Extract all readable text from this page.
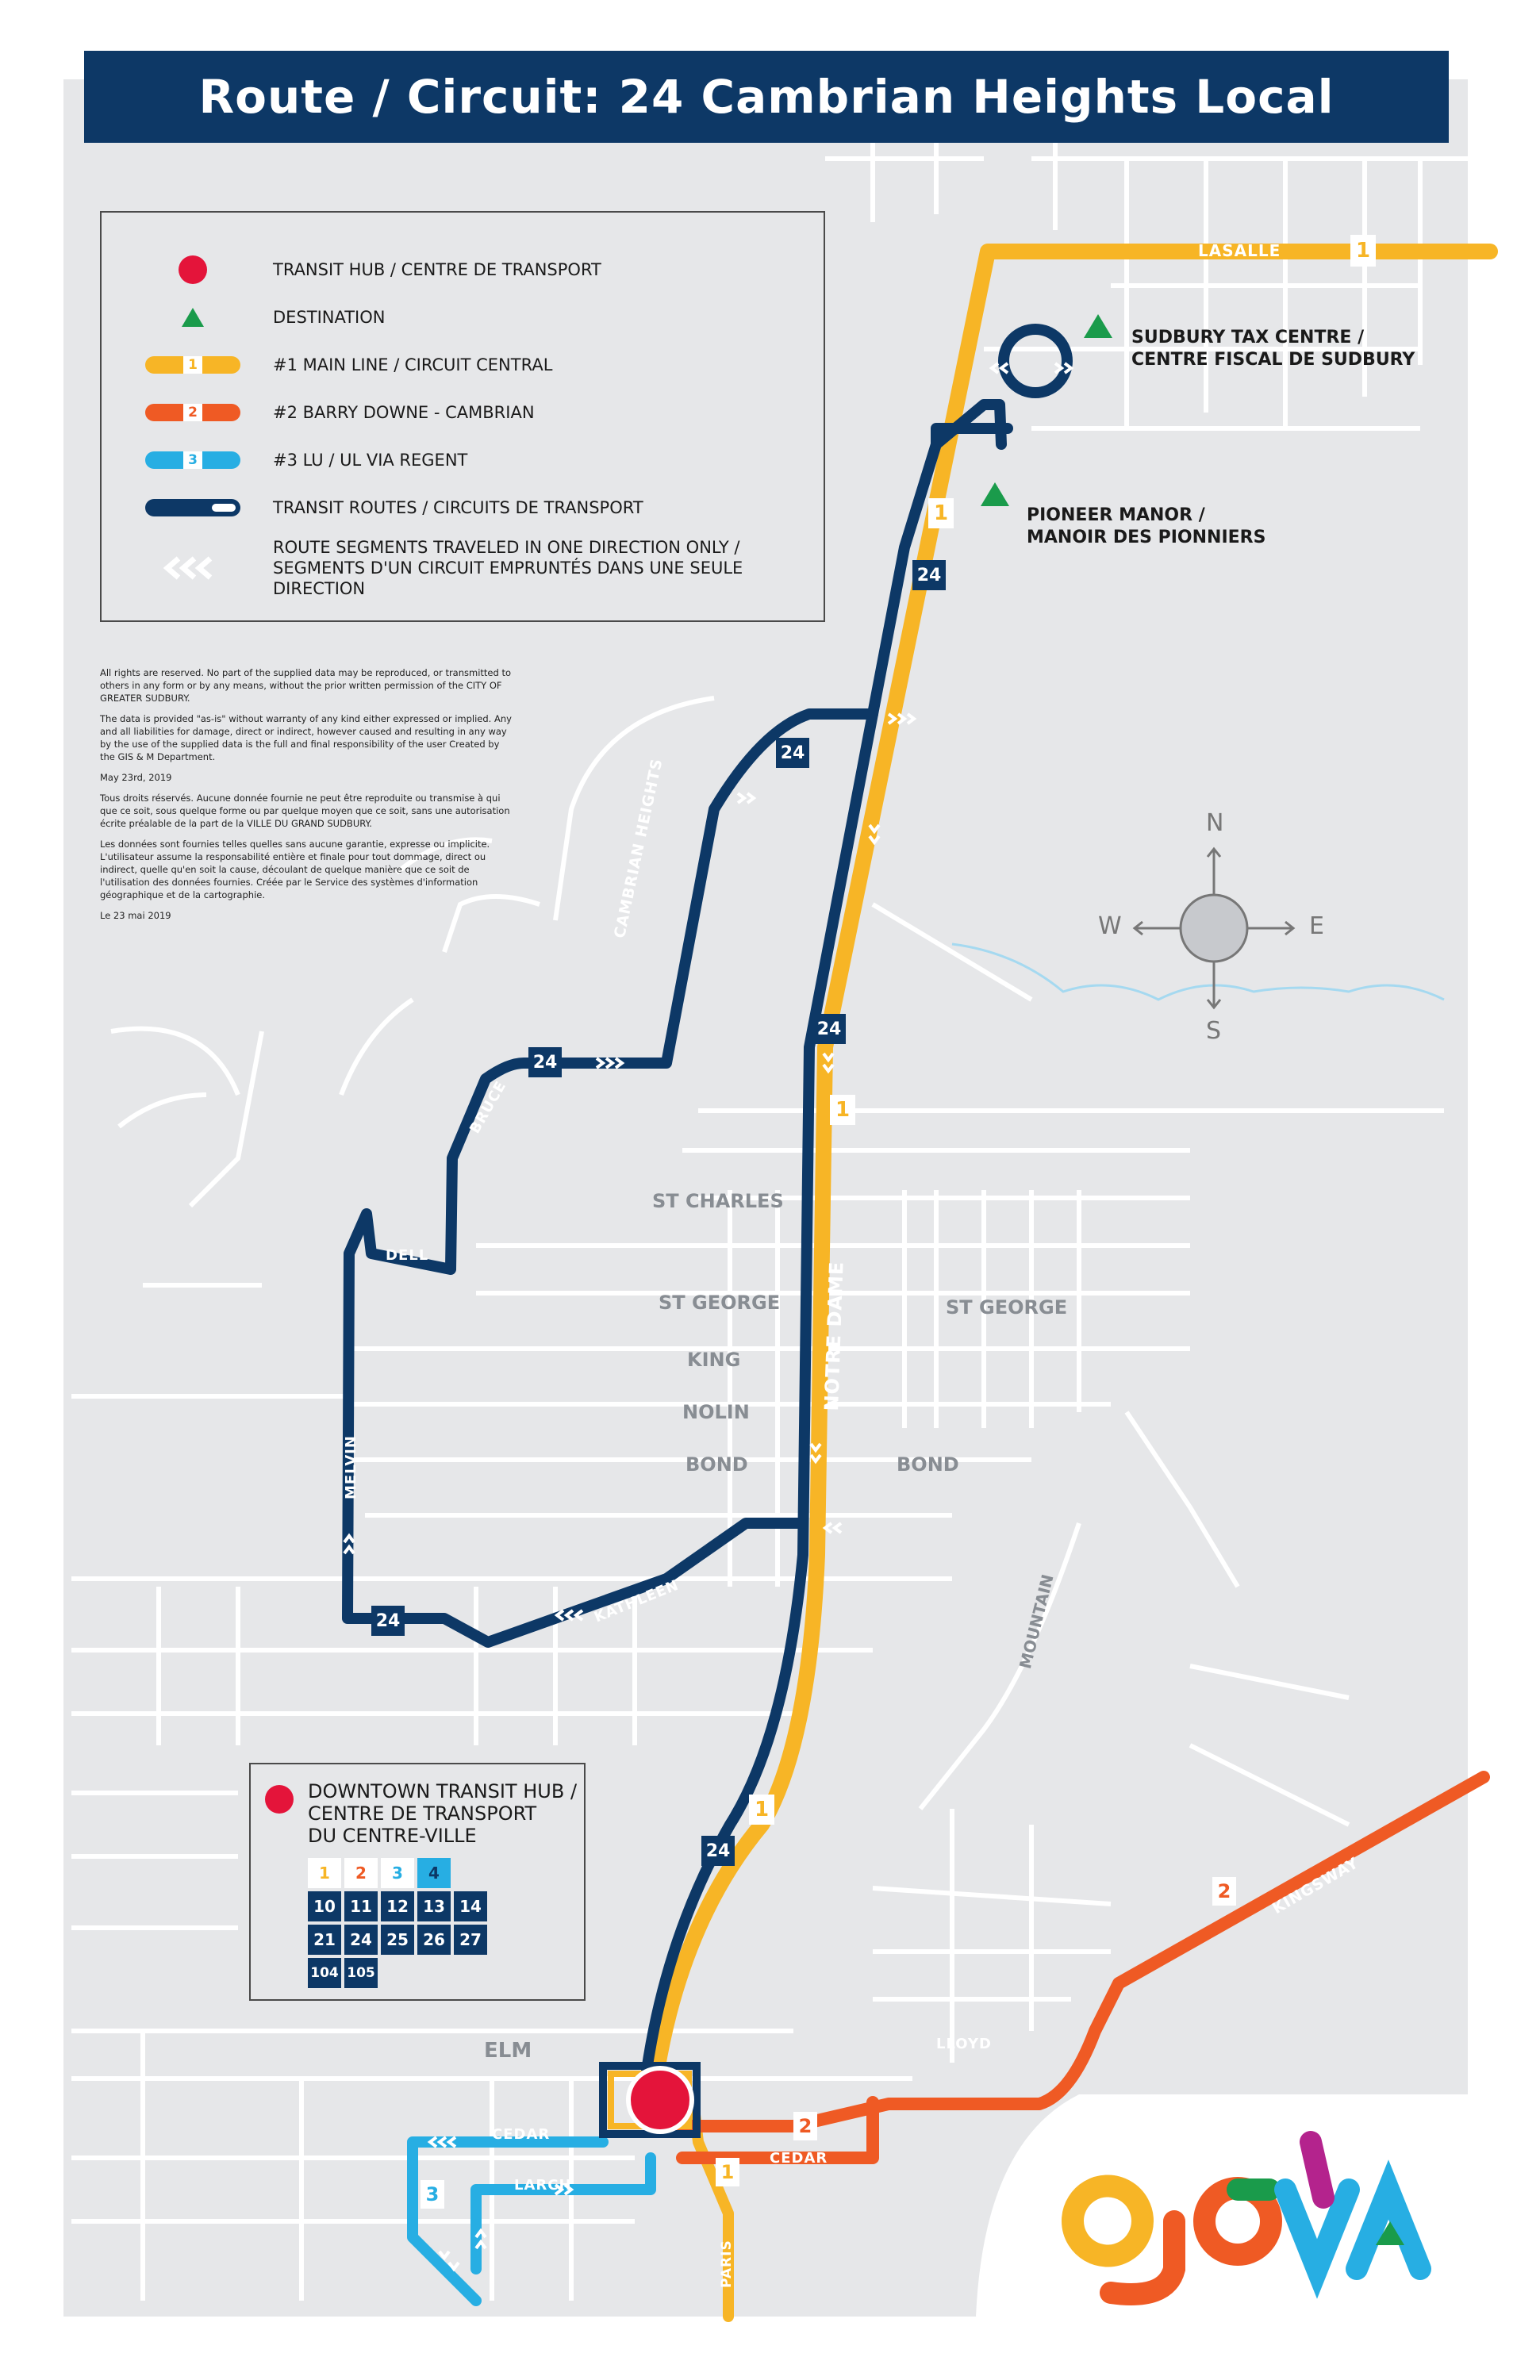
Route / Circuit: 24 Cambrian Heights Local
TRANSIT HUB / CENTRE DE TRANSPORT
DESTINATION
1	#1 MAIN LINE / CIRCUIT CENTRAL
2	#2 BARRY DOWNE - CAMBRIAN
3	#3 LU / UL VIA REGENT
TRANSIT ROUTES / CIRCUITS DE TRANSPORT
ROUTE SEGMENTS TRAVELED IN ONE DIRECTION ONLY / SEGMENTS D'UN CIRCUIT EMPRUNTÉS DANS UNE SEULE DIRECTION

All rights are reserved. No part of the supplied data may be reproduced, or transmitted to others in any form or by any means, without the prior written permission of the CITY OF GREATER SUDBURY.

The data is provided "as-is" without warranty of any kind either expressed or implied. Any and all liabilities for damage, direct or indirect, however caused and resulting in any way by the use of the supplied data is the full and final responsibility of the user Created by the GIS & M Department.

May 23rd, 2019

Tous droits réservés. Aucune donnée fournie ne peut être reproduite ou transmise à qui que ce soit, sous quelque forme ou par quelque moyen que ce soit, sans une autorisation écrite préalable de la part de la VILLE DU GRAND SUDBURY.

Les données sont fournies telles quelles sans aucune garantie, expresse ou implicite. L'utilisateur assume la responsabilité entière et finale pour tout dommage, direct ou indirect, quelle qu'en soit la cause, découlant de quelque manière que ce soit de l'utilisation des données fournies. Créée par le Service des systèmes d'information géographique et de la cartographie.

Le 23 mai 2019

SUDBURY TAX CENTRE /
CENTRE FISCAL DE SUDBURY
PIONEER MANOR /
MANOIR DES PIONNIERS
LASALLE
CAMBRIAN HEIGHTS
BRUCE
DELL
MELVIN
KATHLEEN
NOTRE DAME
ST CHARLES
ST GEORGE	ST GEORGE
KING
NOLIN
BOND	BOND
MOUNTAIN
KINGSWAY
LLOYD
ELM
CEDAR
CEDAR
LARCH
PARIS
N
S
W	E
1
1
1
1
1
2
2
3
24
24
24
24
24
24
DOWNTOWN TRANSIT HUB /
CENTRE DE TRANSPORT
DU CENTRE-VILLE
1	2	3	4
10 11 12 13 14
21 24 25 26 27
104 105
